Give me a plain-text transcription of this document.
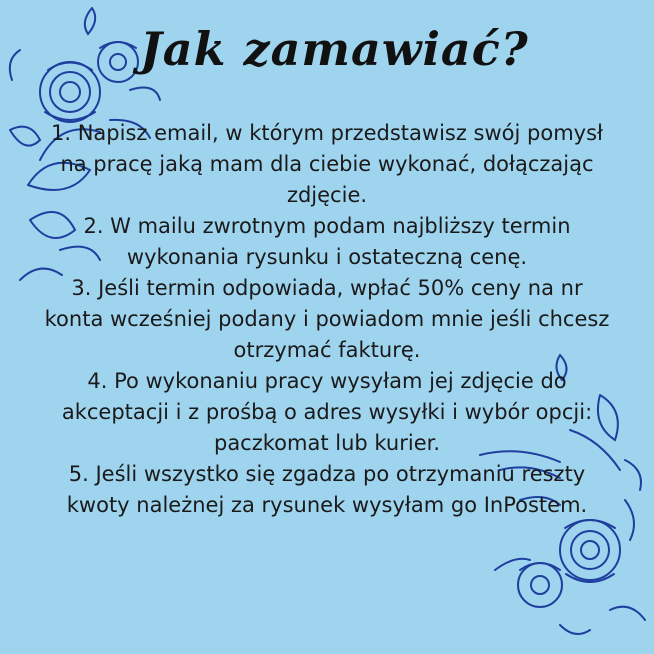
Jak zamawiać?

1. Napisz email, w którym przedstawisz swój pomysł na pracę jaką mam dla ciebie wykonać, dołączając zdjęcie.

2. W mailu zwrotnym podam najbliższy termin wykonania rysunku i ostateczną cenę.

3. Jeśli termin odpowiada, wpłać 50% ceny na nr konta wcześniej podany i powiadom mnie jeśli chcesz otrzymać fakturę.

4. Po wykonaniu pracy wysyłam jej zdjęcie do akceptacji i z prośbą o adres wysyłki i wybór opcji: paczkomat lub kurier.

5. Jeśli wszystko się zgadza po otrzymaniu reszty kwoty należnej za rysunek wysyłam go InPostem.
